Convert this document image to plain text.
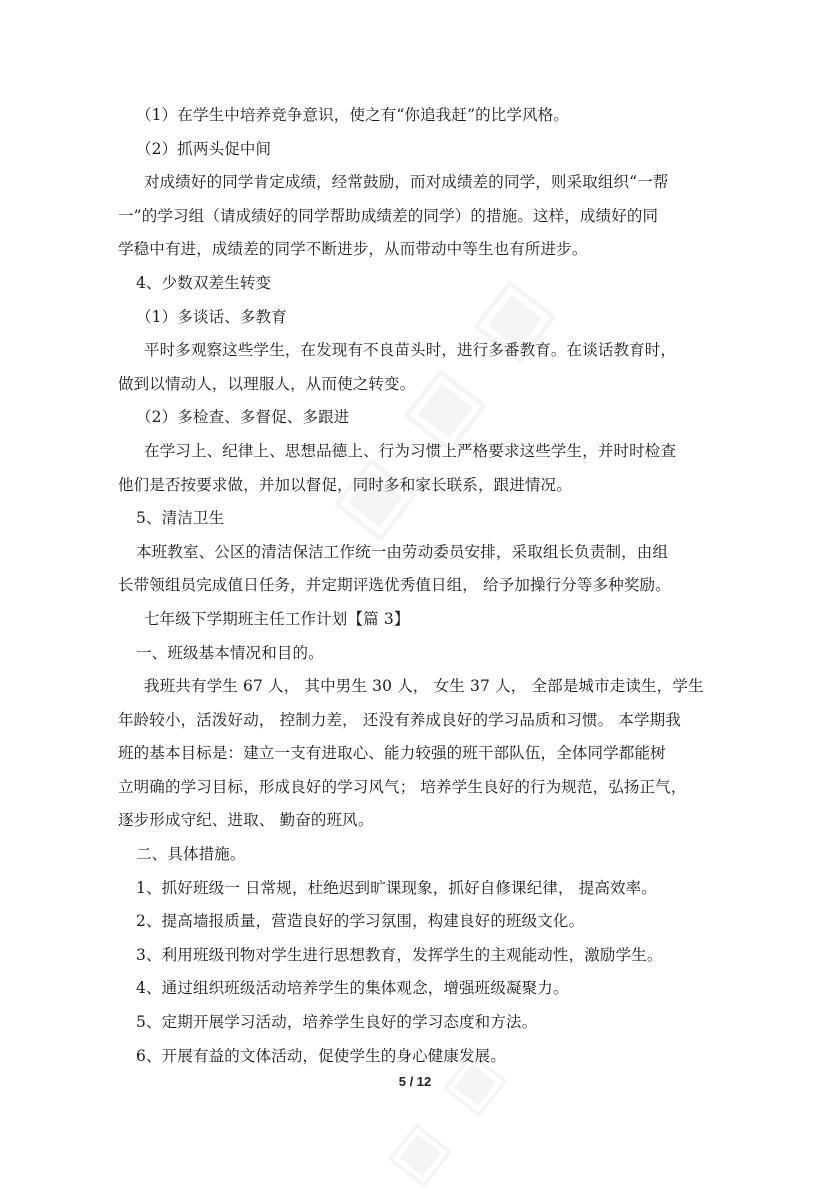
（1）在学生中培养竞争意识，使之有“你追我赶”的比学风格。
（2）抓两头促中间
对成绩好的同学肯定成绩，经常鼓励，而对成绩差的同学，则采取组织“一帮
一”的学习组（请成绩好的同学帮助成绩差的同学）的措施。这样，成绩好的同
学稳中有进，成绩差的同学不断进步，从而带动中等生也有所进步。
4、少数双差生转变
（1）多谈话、多教育
平时多观察这些学生，在发现有不良苗头时，进行多番教育。在谈话教育时，
做到以情动人，以理服人，从而使之转变。
（2）多检查、多督促、多跟进
在学习上、纪律上、思想品德上、行为习惯上严格要求这些学生，并时时检查
他们是否按要求做，并加以督促，同时多和家长联系，跟进情况。
5、清洁卫生
本班教室、公区的清洁保洁工作统一由劳动委员安排，采取组长负责制，由组
长带领组员完成值日任务，并定期评选优秀值日组， 给予加操行分等多种奖励。
七年级下学期班主任工作计划【篇 3】
一、班级基本情况和目的。
我班共有学生 67 人， 其中男生 30 人， 女生 37 人， 全部是城市走读生，学生
年龄较小，活泼好动， 控制力差， 还没有养成良好的学习品质和习惯。 本学期我
班的基本目标是：建立一支有进取心、能力较强的班干部队伍，全体同学都能树
立明确的学习目标，形成良好的学习风气； 培养学生良好的行为规范，弘扬正气，
逐步形成守纪、进取、 勤奋的班风。
二、具体措施。
1、抓好班级一 日常规，杜绝迟到旷课现象，抓好自修课纪律， 提高效率。
2、提高墙报质量，营造良好的学习氛围，构建良好的班级文化。
3、利用班级刊物对学生进行思想教育，发挥学生的主观能动性，激励学生。
4、通过组织班级活动培养学生的集体观念，增强班级凝聚力。
5、定期开展学习活动，培养学生良好的学习态度和方法。
6、开展有益的文体活动，促使学生的身心健康发展。
5 / 12
